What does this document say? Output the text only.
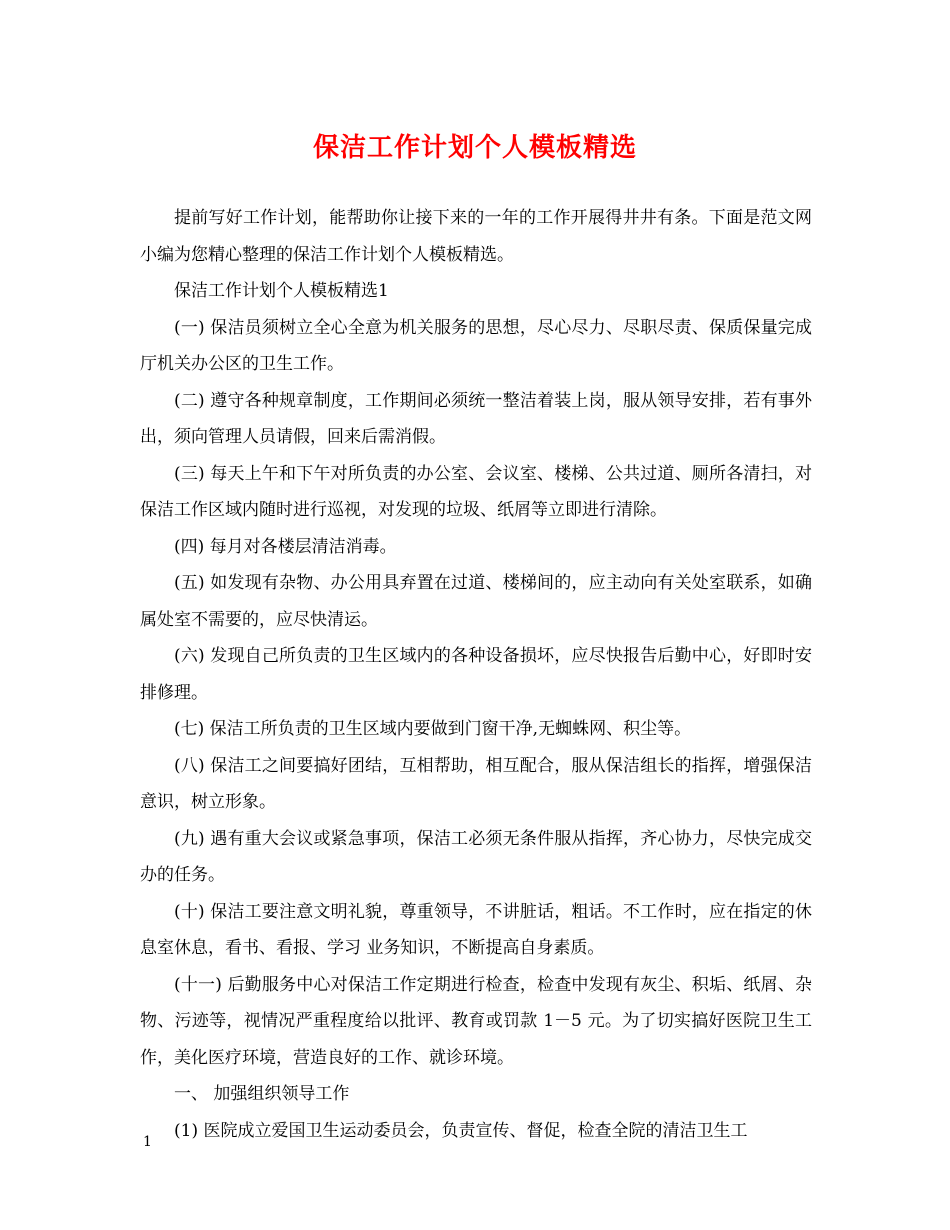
保洁工作计划个人模板精选

提前写好工作计划，能帮助你让接下来的一年的工作开展得井井有条。下面是范文网小编为您精心整理的保洁工作计划个人模板精选。

保洁工作计划个人模板精选1

(一) 保洁员须树立全心全意为机关服务的思想，尽心尽力、尽职尽责、保质保量完成厅机关办公区的卫生工作。

(二) 遵守各种规章制度，工作期间必须统一整洁着装上岗，服从领导安排，若有事外出，须向管理人员请假，回来后需消假。

(三) 每天上午和下午对所负责的办公室、会议室、楼梯、公共过道、厕所各清扫，对保洁工作区域内随时进行巡视，对发现的垃圾、纸屑等立即进行清除。

(四) 每月对各楼层清洁消毒。

(五) 如发现有杂物、办公用具弃置在过道、楼梯间的，应主动向有关处室联系，如确属处室不需要的，应尽快清运。

(六) 发现自己所负责的卫生区域内的各种设备损坏，应尽快报告后勤中心，好即时安排修理。

(七) 保洁工所负责的卫生区域内要做到门窗干净,无蜘蛛网、积尘等。

(八) 保洁工之间要搞好团结，互相帮助，相互配合，服从保洁组长的指挥，增强保洁意识，树立形象。

(九) 遇有重大会议或紧急事项，保洁工必须无条件服从指挥，齐心协力，尽快完成交办的任务。

(十) 保洁工要注意文明礼貌，尊重领导，不讲脏话，粗话。不工作时，应在指定的休息室休息，看书、看报、学习 业务知识，不断提高自身素质。

(十一) 后勤服务中心对保洁工作定期进行检查，检查中发现有灰尘、积垢、纸屑、杂物、污迹等，视情况严重程度给以批评、教育或罚款 1－5 元。为了切实搞好医院卫生工作，美化医疗环境，营造良好的工作、就诊环境。

一、 加强组织领导工作

(1) 医院成立爱国卫生运动委员会，负责宣传、督促，检查全院的清洁卫生工

1
